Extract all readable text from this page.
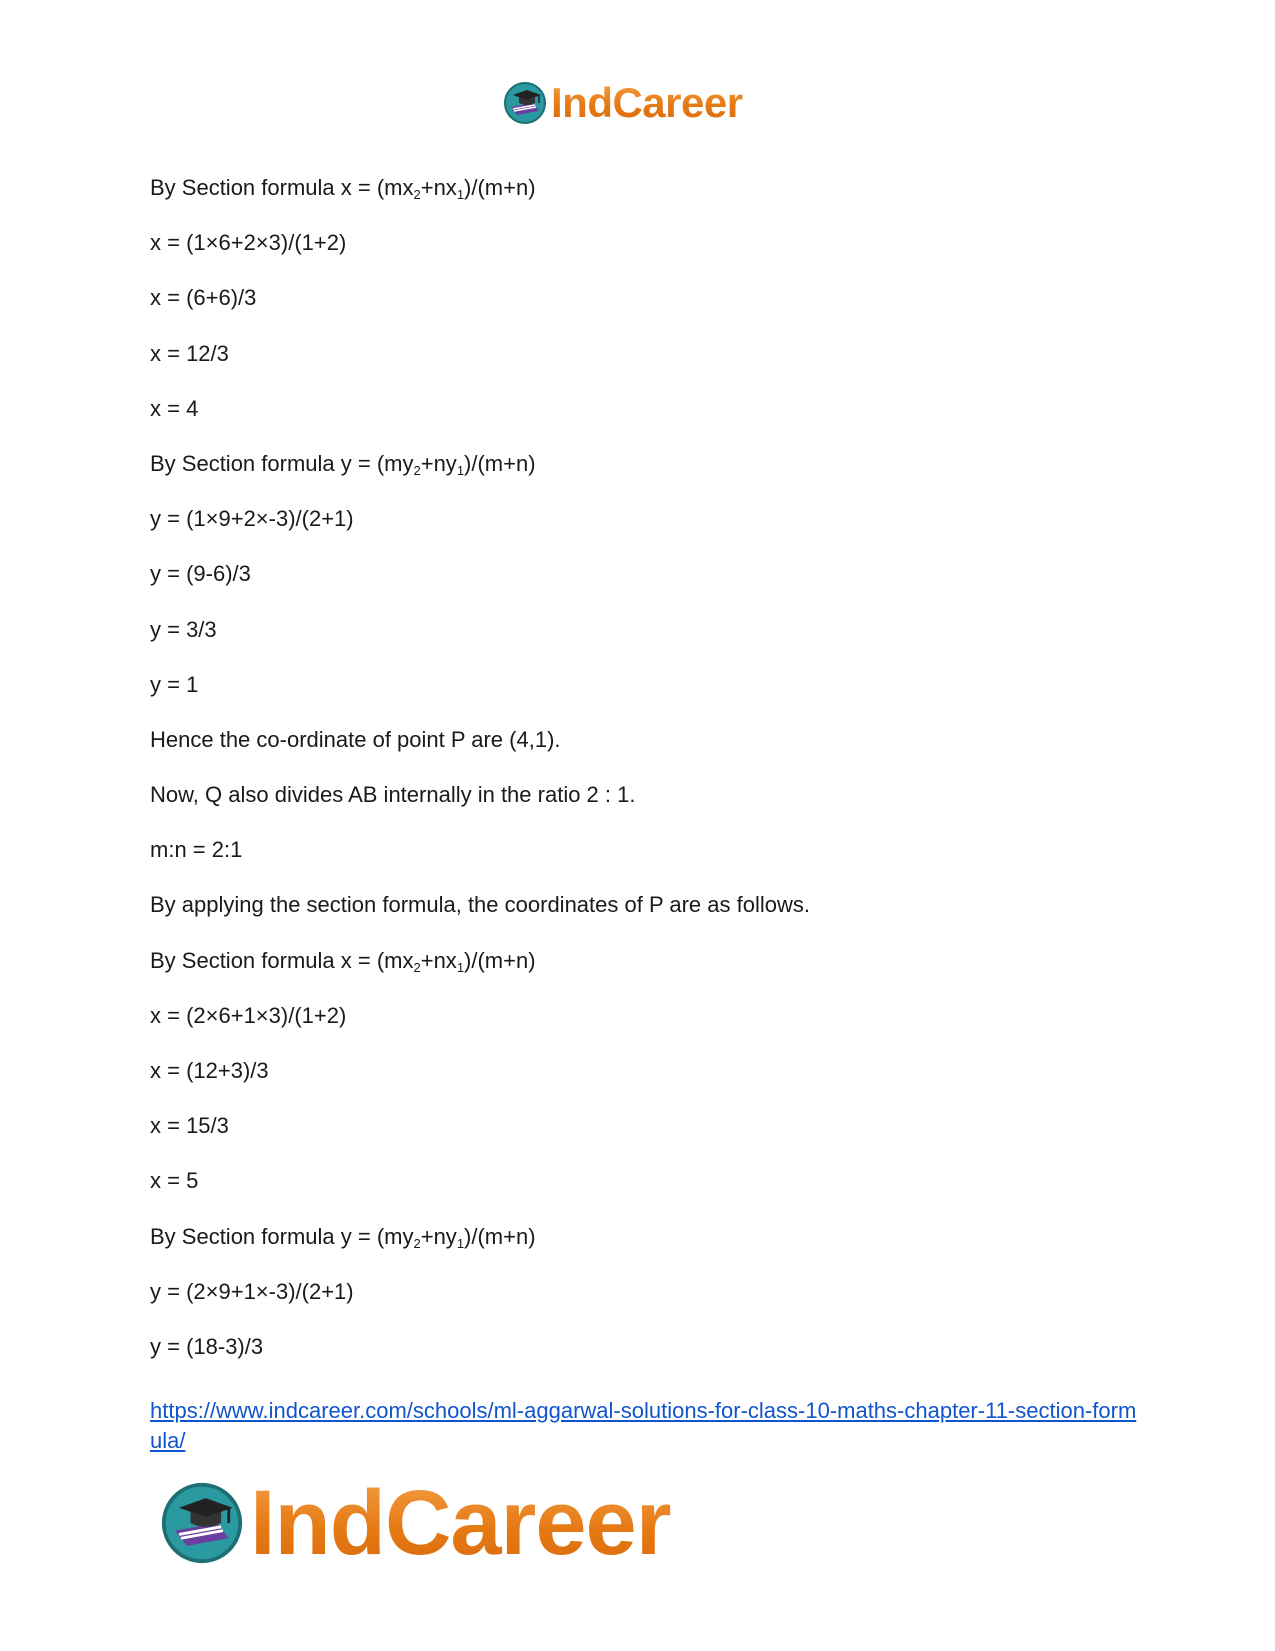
IndCareer
By Section formula $x = (mx_2+nx_1)/(m+n)$
x = (1×6+2×3)/(1+2)
x = (6+6)/3
x = 12/3
x = 4
By Section formula $y = (my_2+ny_1)/(m+n)$
y = (1×9+2×-3)/(2+1)
y = (9-6)/3
y = 3/3
y = 1
Hence the co-ordinate of point P are (4,1).
Now, Q also divides AB internally in the ratio 2 : 1.
m:n = 2:1
By applying the section formula, the coordinates of P are as follows.
By Section formula $x = (mx_2+nx_1)/(m+n)$
x = (2×6+1×3)/(1+2)
x = (12+3)/3
x = 15/3
x = 5
By Section formula $y = (my_2+ny_1)/(m+n)$
y = (2×9+1×-3)/(2+1)
y = (18-3)/3
https://www.indcareer.com/schools/ml-aggarwal-solutions-for-class-10-maths-chapter-11-section-formula/
IndCareer
